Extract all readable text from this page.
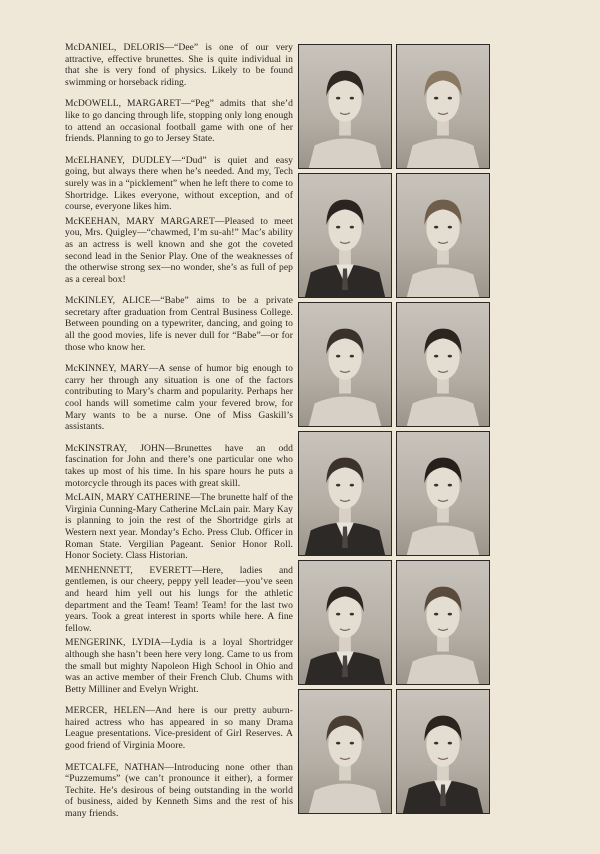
McDANIEL, DELORIS—“Dee” is one of our very attractive, effective brunettes. She is quite individual in that she is very fond of physics. Likely to be found swimming or horseback riding.

McDOWELL, MARGARET—“Peg” admits that she’d like to go dancing through life, stopping only long enough to attend an occasional football game with one of her friends. Planning to go to Jersey State.

McELHANEY, DUDLEY—“Dud” is quiet and easy going, but always there when he’s needed. And my, Tech surely was in a “picklement” when he left there to come to Shortridge. Likes everyone, without exception, and of course, everyone likes him.

McKEEHAN, MARY MARGARET—Pleased to meet you, Mrs. Quigley—“chawmed, I’m su-ah!” Mac’s ability as an actress is well known and she got the coveted second lead in the Senior Play. One of the weaknesses of the otherwise strong sex—no wonder, she’s as full of pep as a cereal box!

McKINLEY, ALICE—“Babe” aims to be a private secretary after graduation from Central Business College. Between pounding on a typewriter, dancing, and going to all the good movies, life is never dull for “Babe”—or for those who know her.

McKINNEY, MARY—A sense of humor big enough to carry her through any situation is one of the factors contributing to Mary’s charm and popularity. Perhaps her cool hands will sometime calm your fevered brow, for Mary wants to be a nurse. One of Miss Gaskill’s assistants.

McKINSTRAY, JOHN—Brunettes have an odd fascination for John and there’s one particular one who takes up most of his time. In his spare hours he puts a motorcycle through its paces with great skill.

McLAIN, MARY CATHERINE—The brunette half of the Virginia Cunning-Mary Catherine McLain pair. Mary Kay is planning to join the rest of the Shortridge girls at Western next year. Monday’s Echo. Press Club. Officer in Roman State. Vergilian Pageant. Senior Honor Roll. Honor Society. Class Historian.

MENHENNETT, EVERETT—Here, ladies and gentlemen, is our cheery, peppy yell leader—you’ve seen and heard him yell out his lungs for the athletic department and the Team! Team! Team! for the last two years. Took a great interest in sports while here. A fine fellow.

MENGERINK, LYDIA—Lydia is a loyal Shortridger although she hasn’t been here very long. Came to us from the small but mighty Napoleon High School in Ohio and was an active member of their French Club. Chums with Betty Milliner and Evelyn Wright.

MERCER, HELEN—And here is our pretty auburn-haired actress who has appeared in so many Drama League presentations. Vice-president of Girl Reserves. A good friend of Virginia Moore.

METCALFE, NATHAN—Introducing none other than “Puzzemums” (we can’t pronounce it either), a former Techite. He’s desirous of being outstanding in the world of business, aided by Kenneth Sims and the rest of his many friends.
